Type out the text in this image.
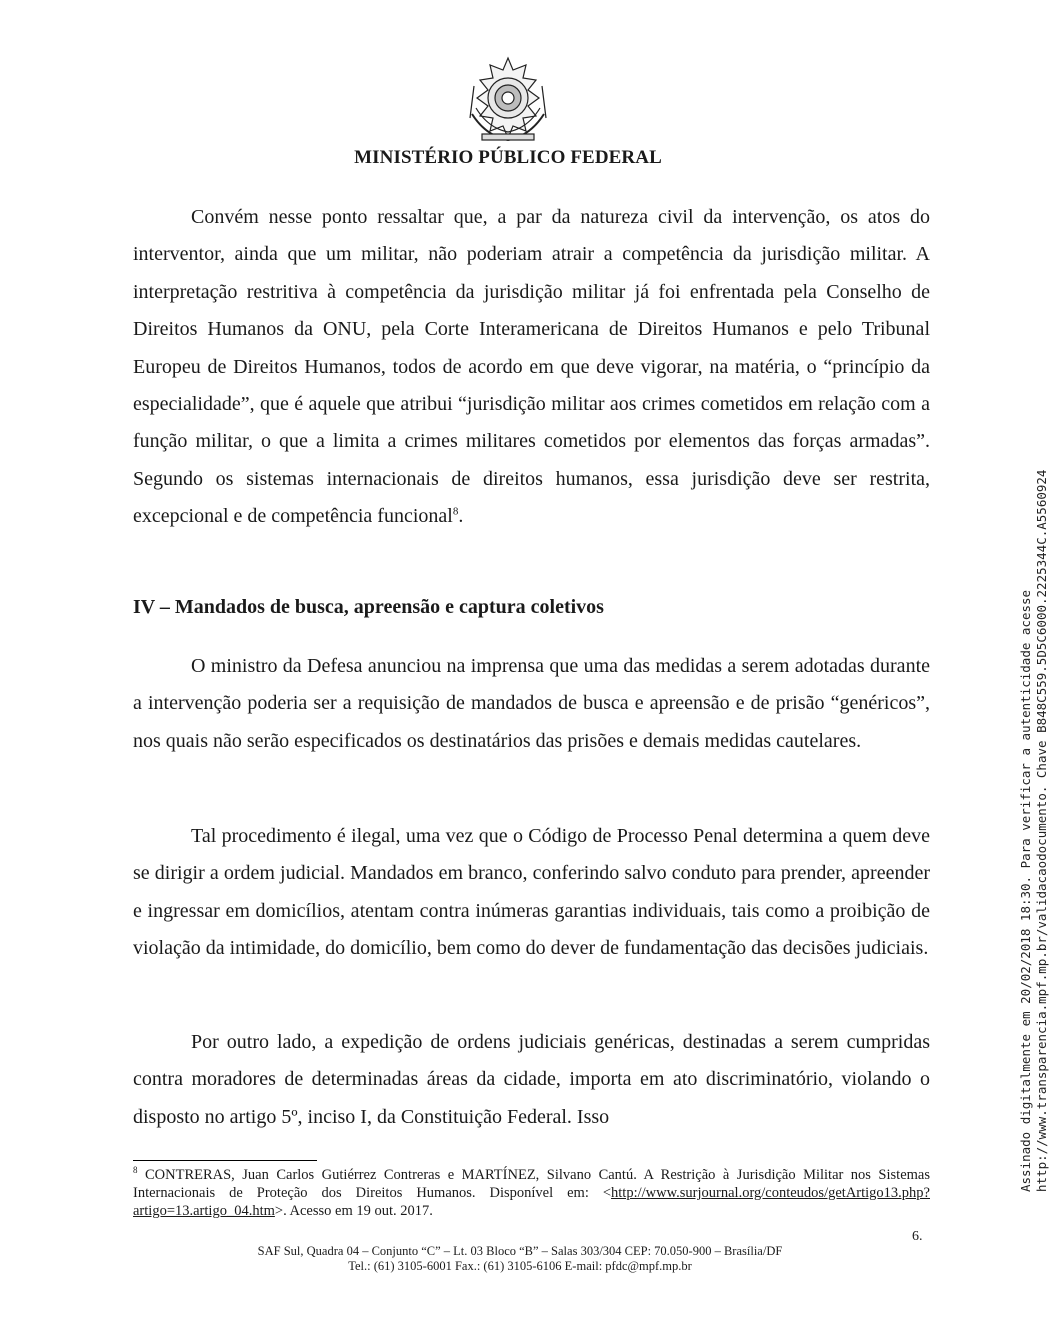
MINISTÉRIO PÚBLICO FEDERAL

Convém nesse ponto ressaltar que, a par da natureza civil da intervenção, os atos do interventor, ainda que um militar, não poderiam atrair a competência da jurisdição militar. A interpretação restritiva à competência da jurisdição militar já foi enfrentada pela Conselho de Direitos Humanos da ONU, pela Corte Interamericana de Direitos Humanos e pelo Tribunal Europeu de Direitos Humanos, todos de acordo em que deve vigorar, na matéria, o “princípio da especialidade”, que é aquele que atribui “jurisdição militar aos crimes cometidos em relação com a função militar, o que a limita a crimes militares cometidos por elementos das forças armadas”. Segundo os sistemas internacionais de direitos humanos, essa jurisdição deve ser restrita, excepcional e de competência funcional$^8$.

IV – Mandados de busca, apreensão e captura coletivos

O ministro da Defesa anunciou na imprensa que uma das medidas a serem adotadas durante a intervenção poderia ser a requisição de mandados de busca e apreensão e de prisão “genéricos”, nos quais não serão especificados os destinatários das prisões e demais medidas cautelares.

Tal procedimento é ilegal, uma vez que o Código de Processo Penal determina a quem deve se dirigir a ordem judicial. Mandados em branco, conferindo salvo conduto para prender, apreender e ingressar em domicílios, atentam contra inúmeras garantias individuais, tais como a proibição de violação da intimidade, do domicílio, bem como do dever de fundamentação das decisões judiciais.

Por outro lado, a expedição de ordens judiciais genéricas, destinadas a serem cumpridas contra moradores de determinadas áreas da cidade, importa em ato discriminatório, violando o disposto no artigo 5º, inciso I, da Constituição Federal. Isso

$^8$ CONTRERAS, Juan Carlos Gutiérrez Contreras e MARTÍNEZ, Silvano Cantú. A Restrição à Jurisdição Militar nos Sistemas Internacionais de Proteção dos Direitos Humanos. Disponível em: <http://www.surjournal.org/conteudos/getArtigo13.php?artigo=13.artigo_04.htm>. Acesso em 19 out. 2017.
6.
SAF Sul, Quadra 04 – Conjunto “C” – Lt. 03 Bloco “B” – Salas 303/304 CEP: 70.050-900 – Brasília/DF
Tel.: (61) 3105-6001 Fax.: (61) 3105-6106 E-mail: pfdc@mpf.mp.br
Assinado digitalmente em 20/02/2018 18:30. Para verificar a autenticidade acesse http://www.transparencia.mpf.mp.br/validacaodocumento. Chave B848C559.5D5C6000.2225344C.A5560924
